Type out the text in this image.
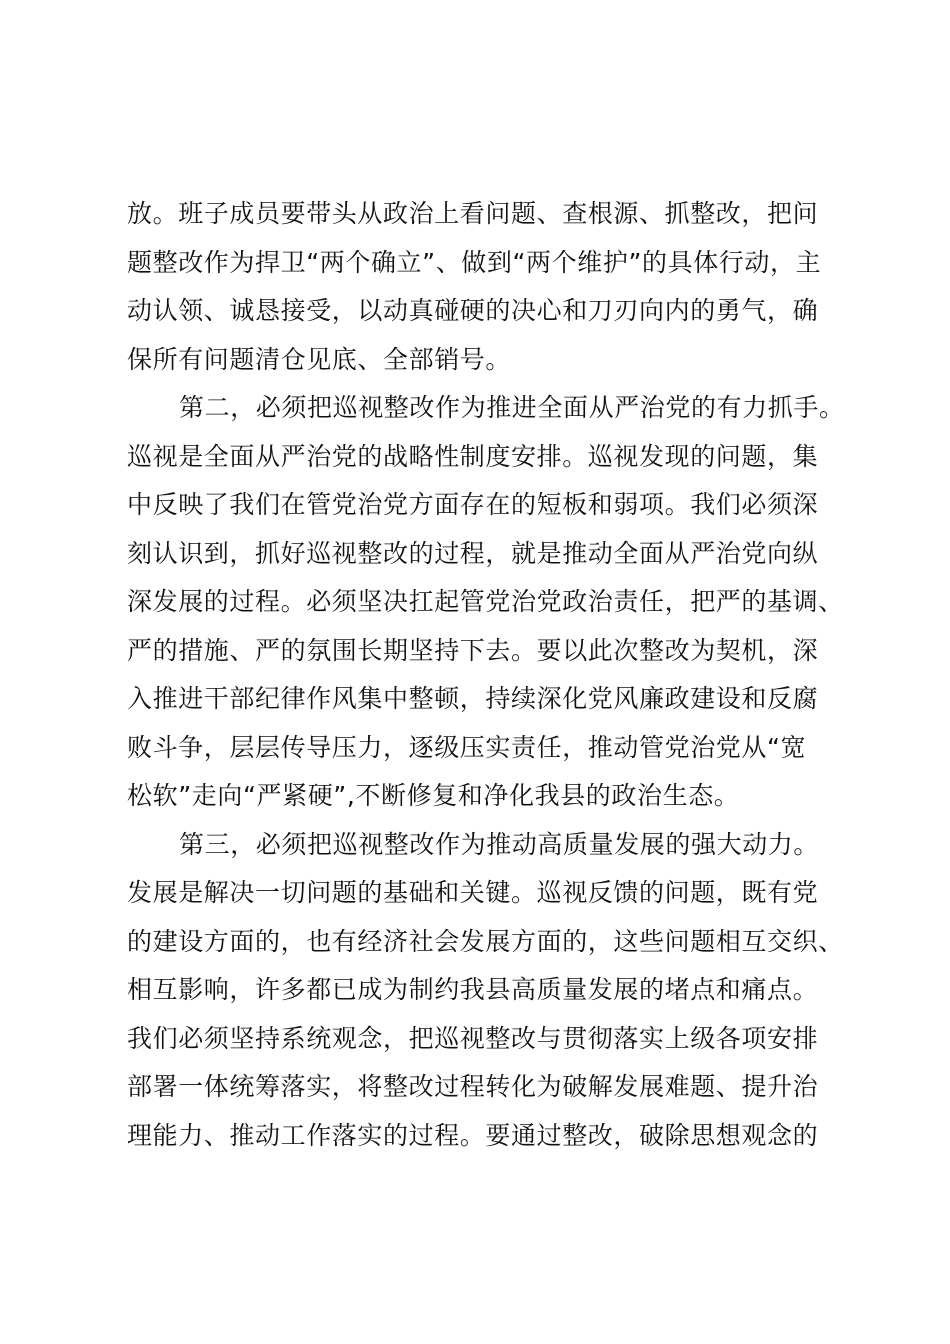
放。班子成员要带头从政治上看问题、查根源、抓整改，把问
题整改作为捍卫“两个确立”、做到“两个维护”的具体行动，主
动认领、诚恳接受，以动真碰硬的决心和刀刃向内的勇气，确
保所有问题清仓见底、全部销号。
第二，必须把巡视整改作为推进全面从严治党的有力抓手。
巡视是全面从严治党的战略性制度安排。巡视发现的问题，集
中反映了我们在管党治党方面存在的短板和弱项。我们必须深
刻认识到，抓好巡视整改的过程，就是推动全面从严治党向纵
深发展的过程。必须坚决扛起管党治党政治责任，把严的基调、
严的措施、严的氛围长期坚持下去。要以此次整改为契机，深
入推进干部纪律作风集中整顿，持续深化党风廉政建设和反腐
败斗争，层层传导压力，逐级压实责任，推动管党治党从“宽
松软”走向“严紧硬”,不断修复和净化我县的政治生态。
第三，必须把巡视整改作为推动高质量发展的强大动力。
发展是解决一切问题的基础和关键。巡视反馈的问题，既有党
的建设方面的，也有经济社会发展方面的，这些问题相互交织、
相互影响，许多都已成为制约我县高质量发展的堵点和痛点。
我们必须坚持系统观念，把巡视整改与贯彻落实上级各项安排
部署一体统筹落实，将整改过程转化为破解发展难题、提升治
理能力、推动工作落实的过程。要通过整改，破除思想观念的
